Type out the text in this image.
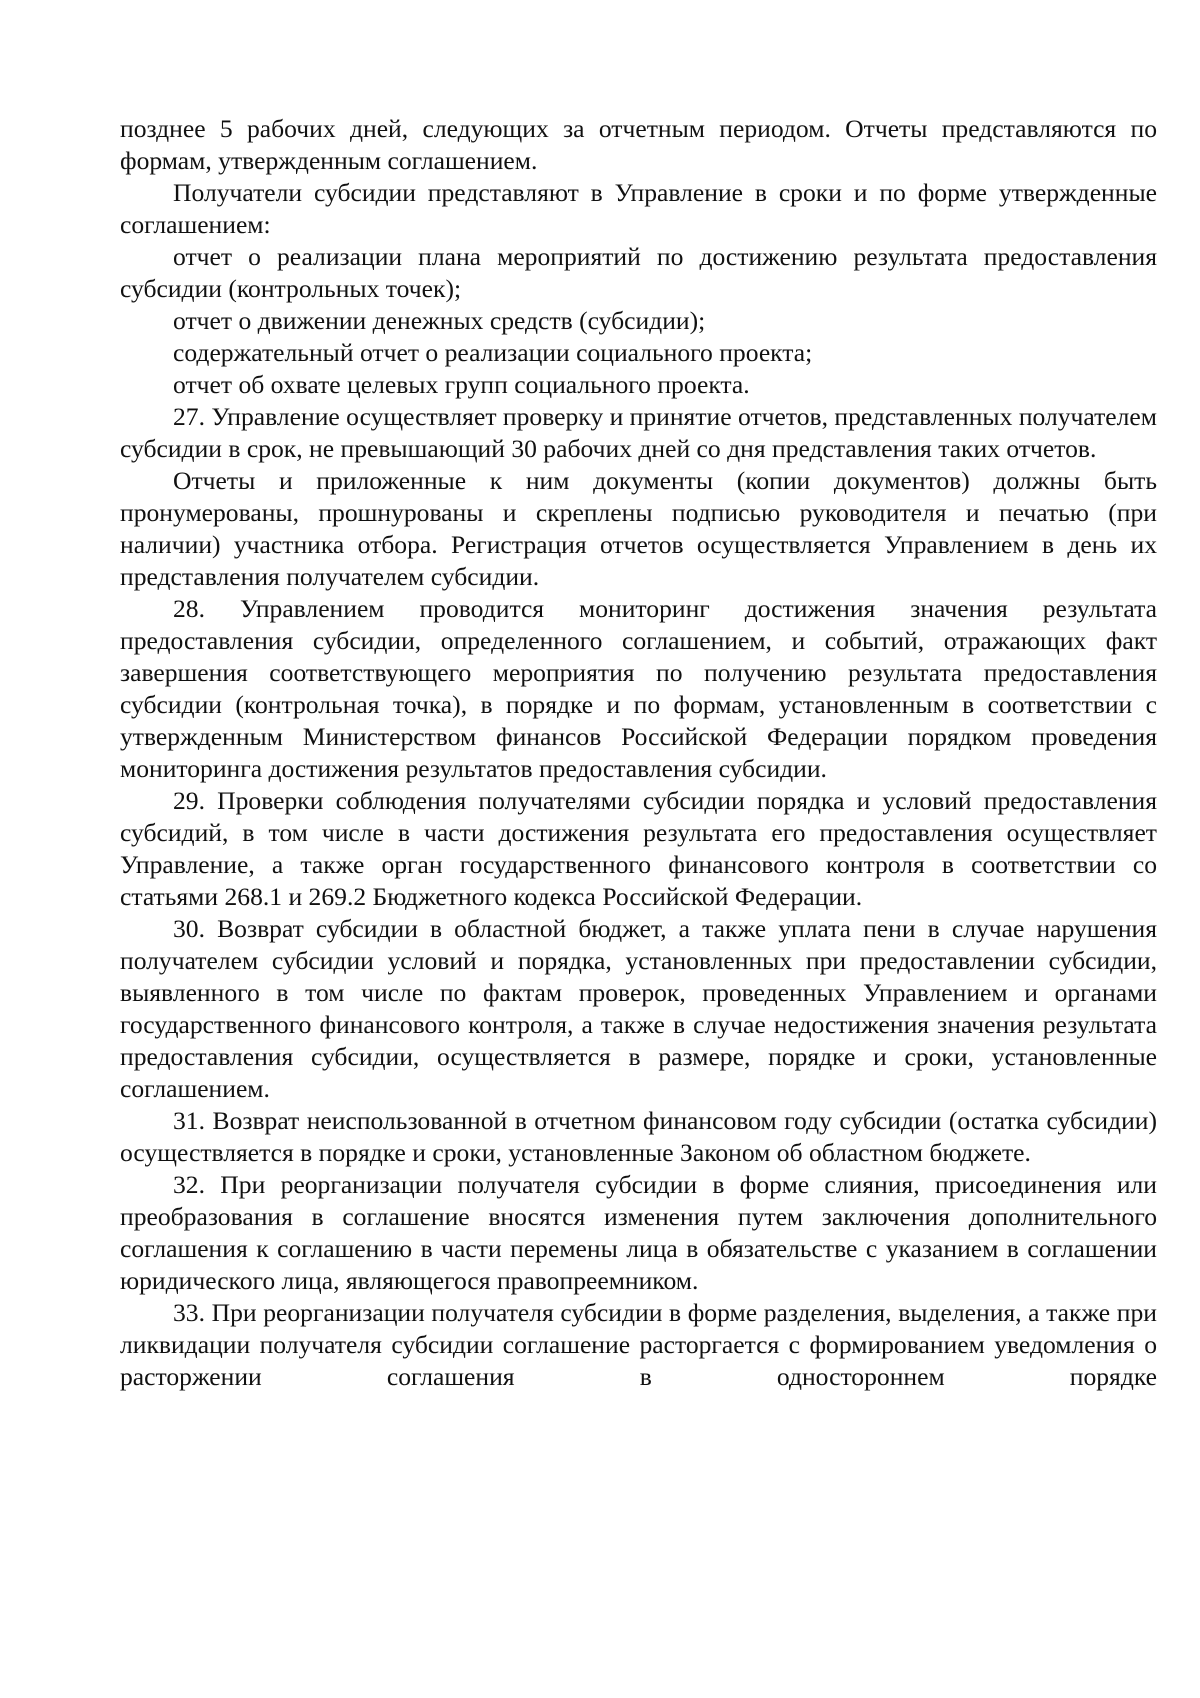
позднее 5 рабочих дней, следующих за отчетным периодом. Отчеты представляются по формам, утвержденным соглашением.

Получатели субсидии представляют в Управление в сроки и по форме утвержденные соглашением:

отчет о реализации плана мероприятий по достижению результата предоставления субсидии (контрольных точек);

отчет о движении денежных средств (субсидии);

содержательный отчет о реализации социального проекта;

отчет об охвате целевых групп социального проекта.

27. Управление осуществляет проверку и принятие отчетов, представленных получателем субсидии в срок, не превышающий 30 рабочих дней со дня представления таких отчетов.

Отчеты и приложенные к ним документы (копии документов) должны быть пронумерованы, прошнурованы и скреплены подписью руководителя и печатью (при наличии) участника отбора. Регистрация отчетов осуществляется Управлением в день их представления получателем субсидии.

28. Управлением проводится мониторинг достижения значения результата предоставления субсидии, определенного соглашением, и событий, отражающих факт завершения соответствующего мероприятия по получению результата предоставления субсидии (контрольная точка), в порядке и по формам, установленным в соответствии с утвержденным Министерством финансов Российской Федерации порядком проведения мониторинга достижения результатов предоставления субсидии.

29. Проверки соблюдения получателями субсидии порядка и условий предоставления субсидий, в том числе в части достижения результата его предоставления осуществляет Управление, а также орган государственного финансового контроля в соответствии со статьями 268.1 и 269.2 Бюджетного кодекса Российской Федерации.

30. Возврат субсидии в областной бюджет, а также уплата пени в случае нарушения получателем субсидии условий и порядка, установленных при предоставлении субсидии, выявленного в том числе по фактам проверок, проведенных Управлением и органами государственного финансового контроля, а также в случае недостижения значения результата предоставления субсидии, осуществляется в размере, порядке и сроки, установленные соглашением.

31. Возврат неиспользованной в отчетном финансовом году субсидии (остатка субсидии) осуществляется в порядке и сроки, установленные Законом об областном бюджете.

32. При реорганизации получателя субсидии в форме слияния, присоединения или преобразования в соглашение вносятся изменения путем заключения дополнительного соглашения к соглашению в части перемены лица в обязательстве с указанием в соглашении юридического лица, являющегося правопреемником.

33. При реорганизации получателя субсидии в форме разделения, выделения, а также при ликвидации получателя субсидии соглашение расторгается с формированием уведомления о расторжении соглашения в одностороннем порядке
